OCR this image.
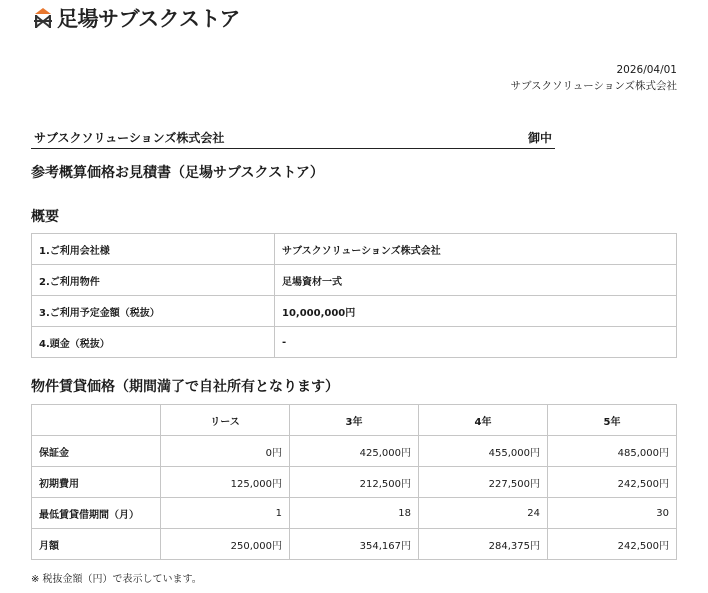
足場サブスクストア
2026/04/01
サブスクソリューションズ株式会社
サブスクソリューションズ株式会社	御中
参考概算価格お見積書（足場サブスクストア）
概要
1.ご利用会社様	サブスクソリューションズ株式会社
2.ご利用物件	足場資材一式
3.ご利用予定金額（税抜）	10,000,000円
4.頭金（税抜）	-
物件賃貸価格（期間満了で自社所有となります）
	リース	3年	4年	5年
保証金	0円	425,000円	455,000円	485,000円
初期費用	125,000円	212,500円	227,500円	242,500円
最低賃貸借期間（月）	1	18	24	30
月額	250,000円	354,167円	284,375円	242,500円
※ 税抜金額（円）で表示しています。
